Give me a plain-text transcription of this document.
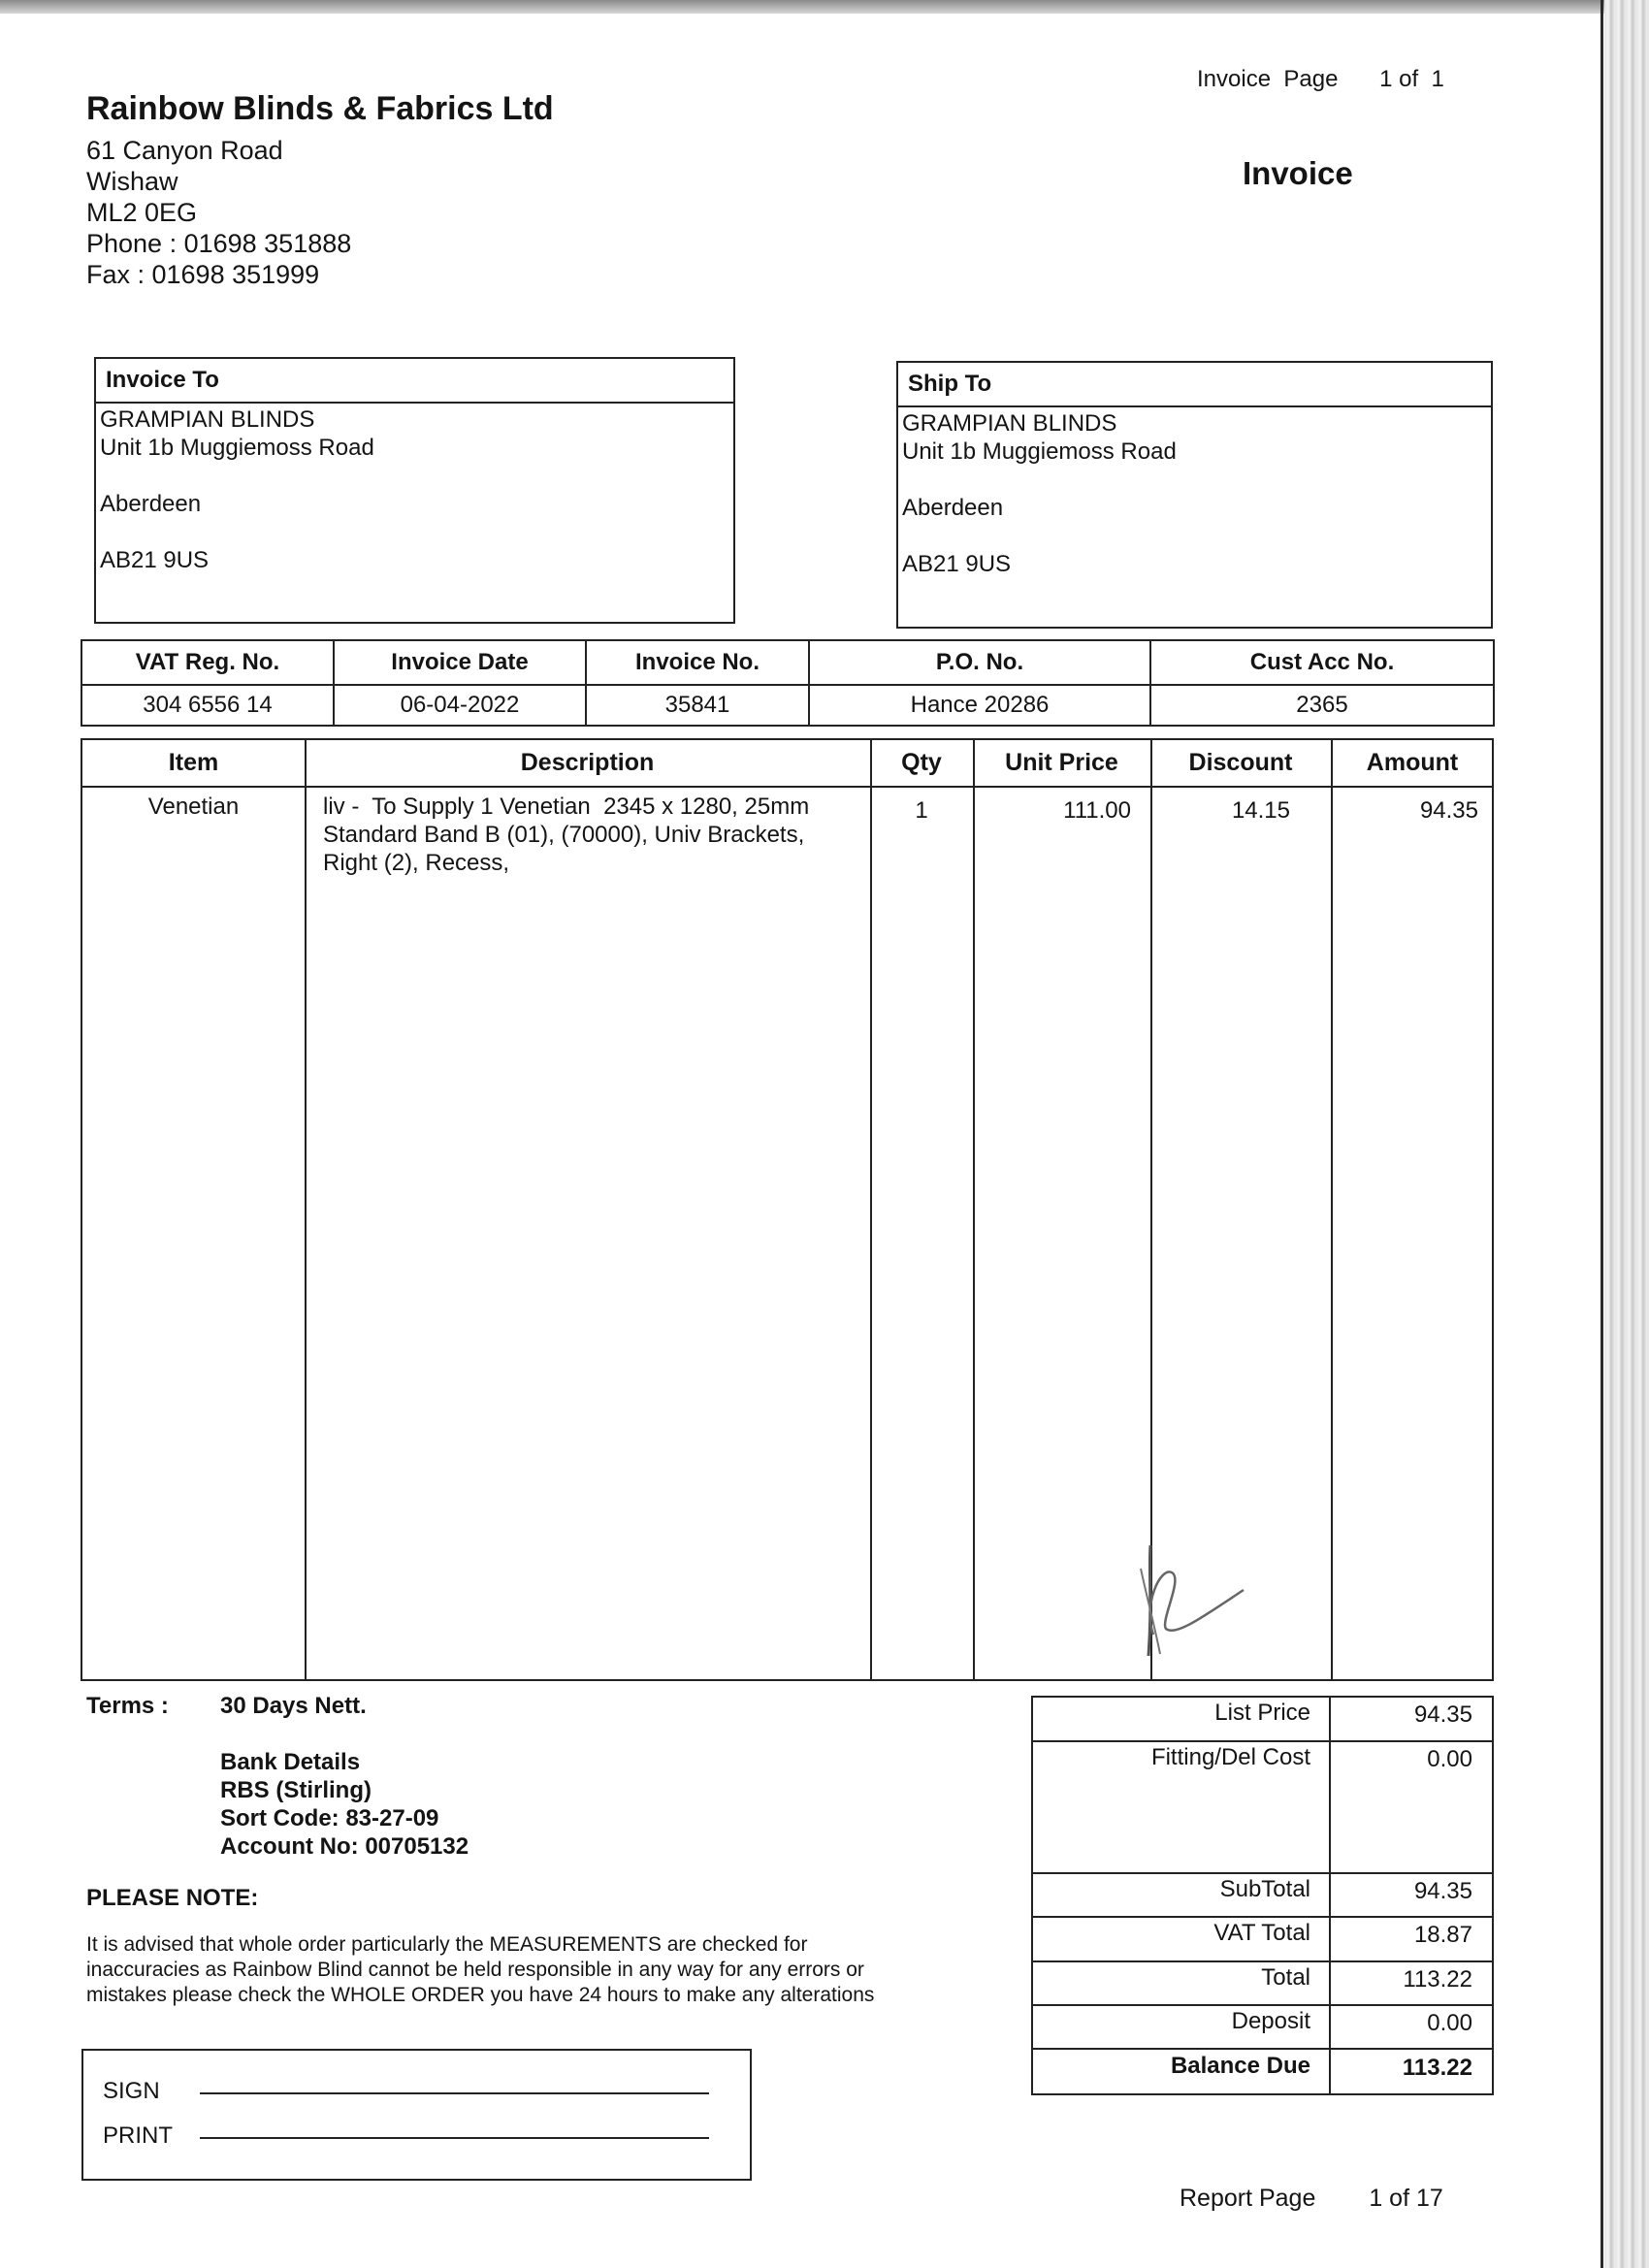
Rainbow Blinds & Fabrics Ltd
61 Canyon Road
Wishaw
ML2 0EG
Phone : 01698 351888
Fax : 01698 351999
Invoice  Page 1 of  1
Invoice
Invoice To
GRAMPIAN BLINDS
Unit 1b Muggiemoss Road
Aberdeen
AB21 9US
Ship To
GRAMPIAN BLINDS
Unit 1b Muggiemoss Road
Aberdeen
AB21 9US
VAT Reg. No.	Invoice Date	Invoice No.	P.O. No.	Cust Acc No.
304 6556 14	06-04-2022	35841	Hance 20286	2365
Item	Description	Qty	Unit Price	Discount	Amount
Venetian	liv -  To Supply 1 Venetian  2345 x 1280, 25mm
Standard Band B (01), (70000), Univ Brackets,
Right (2), Recess,
1	111.00	14.15	94.35
Terms : 30 Days Nett.
Bank Details
RBS (Stirling)
Sort Code: 83-27-09
Account No: 00705132
PLEASE NOTE:
It is advised that whole order particularly the MEASUREMENTS are checked for
inaccuracies as Rainbow Blind cannot be held responsible in any way for any errors or
mistakes please check the WHOLE ORDER you have 24 hours to make any alterations
SIGN
PRINT
List Price	94.35
Fitting/Del Cost	0.00
SubTotal	94.35
VAT Total	18.87
Total	113.22
Deposit	0.00
Balance Due	113.22
Report Page 1 of 17
